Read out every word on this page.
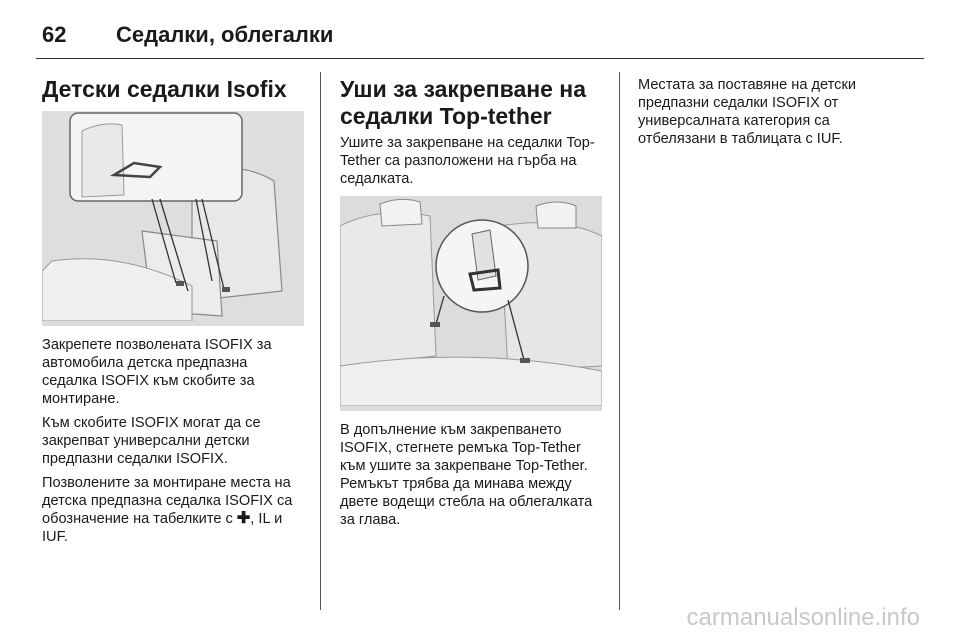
62 Седалки, облегалки
Детски седалки Isofix

Закрепете позволената ISOFIX за автомобила детска предпазна седалка ISOFIX към скобите за монтиране.

Към скобите ISOFIX могат да се закрепват универсални детски предпазни седалки ISOFIX.

Позволените за монтиране места на детска предпазна седалка ISOFIX са обозначение на табелките с ✚, IL и IUF.

Уши за закрепване на седалки Top-tether

Ушите за закрепване на седалки Top-Tether са разположени на гърба на седалката.

В допълнение към закрепването ISOFIX, стегнете ремъка Top-Tether към ушите за закрепване Top-Tether. Ремъкът трябва да минава между двете водещи стебла на облегалката за глава.

Местата за поставяне на детски предпазни седалки ISOFIX от универсалната категория са отбелязани в таблицата с IUF.

carmanualsonline.info
